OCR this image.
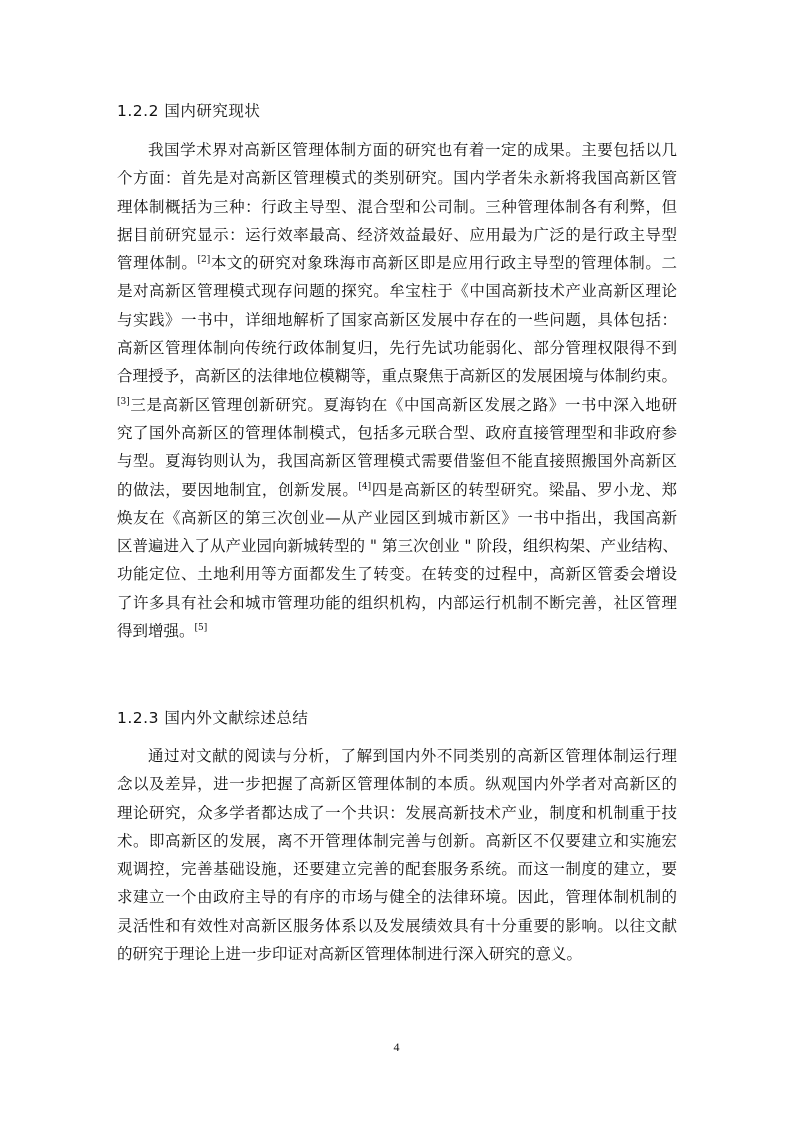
1.2.2 国内研究现状
我国学术界对高新区管理体制方面的研究也有着一定的成果。主要包括以几
个方面：首先是对高新区管理模式的类别研究。国内学者朱永新将我国高新区管
理体制概括为三种：行政主导型、混合型和公司制。三种管理体制各有利弊，但
据目前研究显示：运行效率最高、经济效益最好、应用最为广泛的是行政主导型
管理体制。[2]本文的研究对象珠海市高新区即是应用行政主导型的管理体制。二
是对高新区管理模式现存问题的探究。牟宝柱于《中国高新技术产业高新区理论
与实践》一书中，详细地解析了国家高新区发展中存在的一些问题，具体包括：
高新区管理体制向传统行政体制复归，先行先试功能弱化、部分管理权限得不到
合理授予，高新区的法律地位模糊等，重点聚焦于高新区的发展困境与体制约束。
[3]三是高新区管理创新研究。夏海钧在《中国高新区发展之路》一书中深入地研
究了国外高新区的管理体制模式，包括多元联合型、政府直接管理型和非政府参
与型。夏海钧则认为，我国高新区管理模式需要借鉴但不能直接照搬国外高新区
的做法，要因地制宜，创新发展。[4]四是高新区的转型研究。梁晶、罗小龙、郑
焕友在《高新区的第三次创业—从产业园区到城市新区》一书中指出，我国高新
区普遍进入了从产业园向新城转型的 " 第三次创业 " 阶段，组织构架、产业结构、
功能定位、土地利用等方面都发生了转变。在转变的过程中，高新区管委会增设
了许多具有社会和城市管理功能的组织机构，内部运行机制不断完善，社区管理
得到增强。[5]
1.2.3 国内外文献综述总结
通过对文献的阅读与分析，了解到国内外不同类别的高新区管理体制运行理
念以及差异，进一步把握了高新区管理体制的本质。纵观国内外学者对高新区的
理论研究，众多学者都达成了一个共识：发展高新技术产业，制度和机制重于技
术。即高新区的发展，离不开管理体制完善与创新。高新区不仅要建立和实施宏
观调控，完善基础设施，还要建立完善的配套服务系统。而这一制度的建立，要
求建立一个由政府主导的有序的市场与健全的法律环境。因此，管理体制机制的
灵活性和有效性对高新区服务体系以及发展绩效具有十分重要的影响。以往文献
的研究于理论上进一步印证对高新区管理体制进行深入研究的意义。
4
